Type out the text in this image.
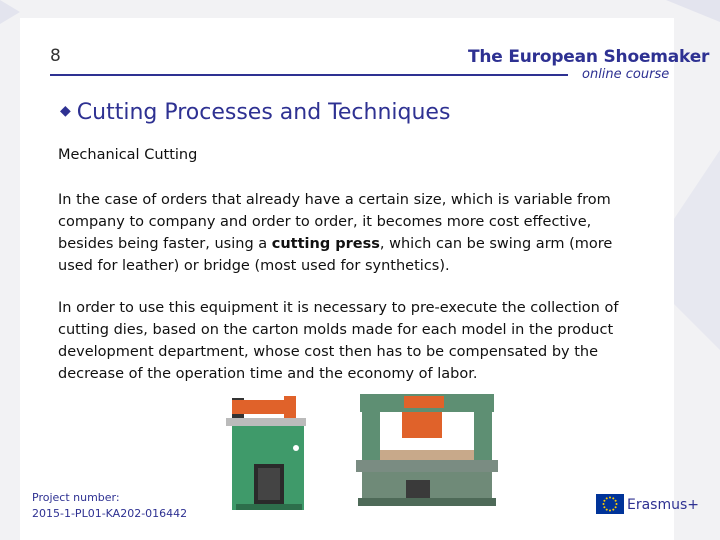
8	The European Shoemaker
online course
◆ Cutting Processes and Techniques
Mechanical Cutting

In the case of orders that already have a certain size, which is variable from company to company and order to order, it becomes more cost effective, besides being faster, using a cutting press, which can be swing arm (more used for leather) or bridge (most used for synthetics).

In order to use this equipment it is necessary to pre-execute the collection of cutting dies, based on the carton molds made for each model in the product development department, whose cost then has to be compensated by the decrease of the operation time and the economy of labor.

Project number:
2015-1-PL01-KA202-016442
Erasmus+
